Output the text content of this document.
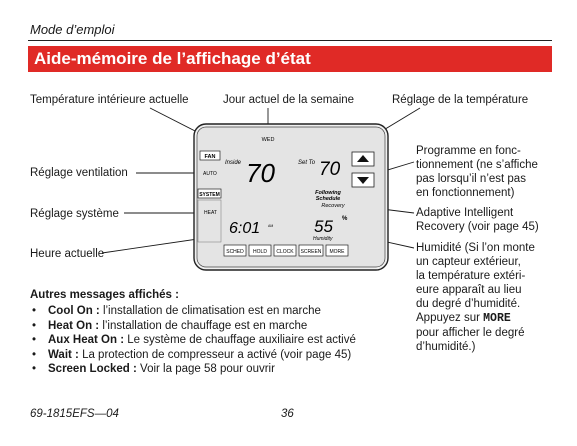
Mode d’emploi
Aide-mémoire de l’affichage d’état
Température intérieure actuelle	Jour actuel de la semaine	Réglage de la température
Réglage ventilation
Réglage système
Heure actuelle
Programme en fonc-
tionnement (ne s’affiche
pas lorsqu’il n’est pas
en fonctionnement)
Adaptive Intelligent
Recovery (voir page 45)
Humidité (Si l’on monte
un capteur extérieur,
la température extéri-
eure apparaît au lieu
du degré d’humidité.
Appuyez sur MORE
pour afficher le degré
d’humidité.)
WED
FAN
AUTO
SYSTEM
HEAT
Inside 70	Set To 70
Following
Schedule
Recovery
6:01 AM 55 %
Humidity
SCHED HOLD CLOCK SCREEN MORE
Autres messages affichés :
• Cool On : l’installation de climatisation est en marche
• Heat On : l’installation de chauffage est en marche
• Aux Heat On : Le système de chauffage auxiliaire est activé
• Wait : La protection de compresseur a activé (voir page 45)
• Screen Locked : Voir la page 58 pour ouvrir
69-1815EFS—04	36
